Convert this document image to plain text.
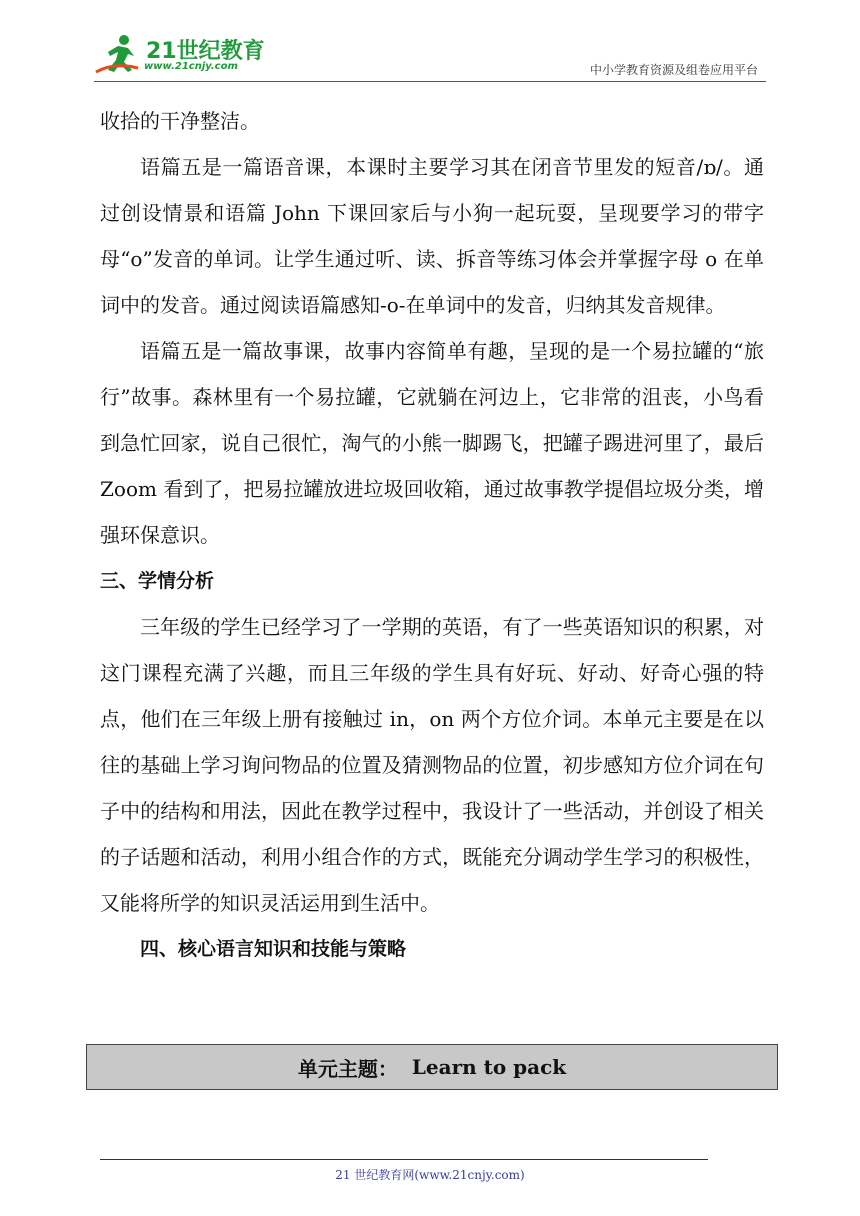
21世纪教育
www.21cnjy.com	中小学教育资源及组卷应用平台

收拾的干净整洁。

语篇五是一篇语音课，本课时主要学习其在闭音节里发的短音/ɒ/。通过创设情景和语篇 John 下课回家后与小狗一起玩耍，呈现要学习的带字母“o”发音的单词。让学生通过听、读、拆音等练习体会并掌握字母 o 在单词中的发音。通过阅读语篇感知-o-在单词中的发音，归纳其发音规律。

语篇五是一篇故事课，故事内容简单有趣，呈现的是一个易拉罐的“旅行”故事。森林里有一个易拉罐，它就躺在河边上，它非常的沮丧，小鸟看到急忙回家，说自己很忙，淘气的小熊一脚踢飞，把罐子踢进河里了，最后 Zoom 看到了，把易拉罐放进垃圾回收箱，通过故事教学提倡垃圾分类，增强环保意识。

三、学情分析

三年级的学生已经学习了一学期的英语，有了一些英语知识的积累，对这门课程充满了兴趣，而且三年级的学生具有好玩、好动、好奇心强的特点，他们在三年级上册有接触过 in，on 两个方位介词。本单元主要是在以往的基础上学习询问物品的位置及猜测物品的位置，初步感知方位介词在句子中的结构和用法，因此在教学过程中，我设计了一些活动，并创设了相关的子话题和活动，利用小组合作的方式，既能充分调动学生学习的积极性，又能将所学的知识灵活运用到生活中。

四、核心语言知识和技能与策略

单元主题： Learn to pack
21 世纪教育网(www.21cnjy.com)
